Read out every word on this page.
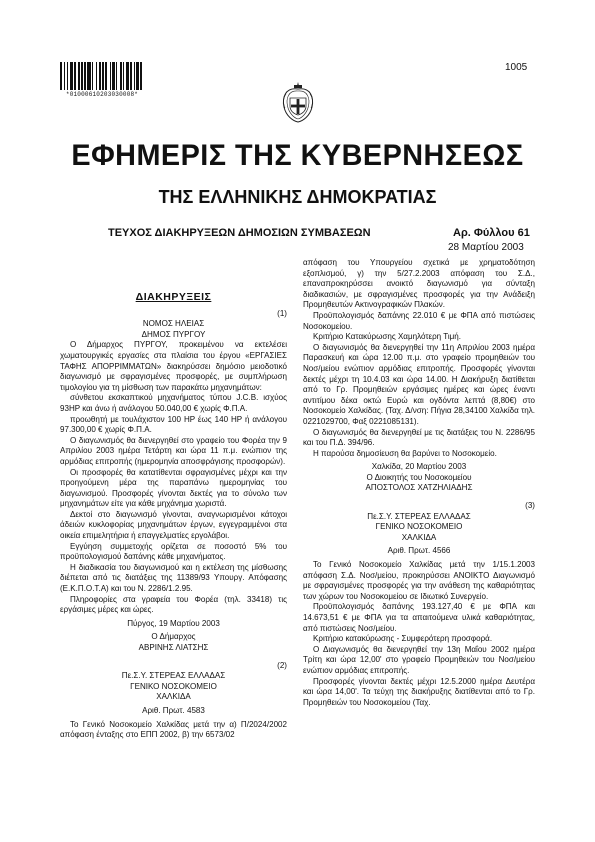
*01000610203030008*
1005
ΕΦΗΜΕΡΙΣ ΤΗΣ ΚΥΒΕΡΝΗΣΕΩΣ
ΤΗΣ ΕΛΛΗΝΙΚΗΣ ΔΗΜΟΚΡΑΤΙΑΣ
ΤΕΥΧΟΣ ΔΙΑΚΗΡΥΞΕΩΝ ΔΗΜΟΣΙΩΝ ΣΥΜΒΑΣΕΩΝ	Αρ. Φύλλου 61
28 Μαρτίου 2003
ΔΙΑΚΗΡΥΞΕΙΣ

(1)

ΝΟΜΟΣ ΗΛΕΙΑΣ

ΔΗΜΟΣ ΠΥΡΓΟΥ

Ο Δήμαρχος ΠΥΡΓΟΥ, προκειμένου να εκτελέσει χωματουργικές εργασίες στα πλαίσια του έργου «ΕΡΓΑΣΙΕΣ ΤΑΦΗΣ ΑΠΟΡΡΙΜΜΑΤΩΝ» διακηρύσσει δημόσιο μειοδοτικό διαγωνισμό με σφραγισμένες προσφορές, με συμπλήρωση τιμολογίου για τη μίσθωση των παρακάτω μηχανημάτων:

σύνθετου εκσκαπτικού μηχανήματος τύπου J.C.B. ισχύος 93HP και άνω ή ανάλογου 50.040,00 € χωρίς Φ.Π.Α.

προωθητή με τουλάχιστον 100 HP έως 140 HP ή ανάλογου 97.300,00 € χωρίς Φ.Π.Α.

Ο διαγωνισμός θα διενεργηθεί στο γραφείο του Φορέα την 9 Απριλίου 2003 ημέρα Τετάρτη και ώρα 11 π.μ. ενώπιον της αρμόδιας επιτροπής (ημερομηνία αποσφράγισης προσφορών).

Οι προσφορές θα κατατίθενται σφραγισμένες μέχρι και την προηγούμενη μέρα της παραπάνω ημερομηνίας του διαγωνισμού. Προσφορές γίνονται δεκτές για το σύνολο των μηχανημάτων είτε για κάθε μηχάνημα χωριστά.

Δεκτοί στο διαγωνισμό γίνονται, αναγνωρισμένοι κάτοχοι άδειών κυκλοφορίας μηχανημάτων έργων, εγγεγραμμένοι στα οικεία επιμελητήρια ή επαγγελματίες εργολάβοι.

Εγγύηση συμμετοχής ορίζεται σε ποσοστό 5% του προϋπολογισμού δαπάνης κάθε μηχανήματος.

Η διαδικασία του διαγωνισμού και η εκτέλεση της μίσθωσης διέπεται από τις διατάξεις της 11389/93 Υπουργ. Απόφασης (Ε.Κ.Π.Ο.Τ.Α) και του Ν. 2286/1.2.95.

Πληροφορίες στα γραφεία του Φορέα (τηλ. 33418) τις εργάσιμες μέρες και ώρες.

Πύργος, 19 Μαρτίου 2003

Ο Δήμαρχος

ΑΒΡΙΝΗΣ ΛΙΑΤΣΗΣ

(2)

Πε.Σ.Υ. ΣΤΕΡΕΑΣ ΕΛΛΑΔΑΣ

ΓΕΝΙΚΟ ΝΟΣΟΚΟΜΕΙΟ

ΧΑΛΚΙΔΑ

Αριθ. Πρωτ. 4583

Το Γενικό Νοσοκομείο Χαλκίδας μετά την α) Π/2024/2002 απόφαση ένταξης στο ΕΠΠ 2002, β) την 6573/02

απόφαση του Υπουργείου σχετικά με χρηματοδότηση εξοπλισμού, γ) την 5/27.2.2003 απόφαση του Σ.Δ., επαναπροκηρύσσει ανοικτό διαγωνισμό για σύνταξη διαδικασιών, με σφραγισμένες προσφορές για την Ανάδειξη Προμηθευτών Ακτινογραφικών Πλακών.

Προϋπολογισμός δαπάνης 22.010 € με ΦΠΑ από πιστώσεις Νοσοκομείου.

Κριτήριο Κατακύρωσης Χαμηλότερη Τιμή.

Ο διαγωνισμός θα διενεργηθεί την 11η Απριλίου 2003 ημέρα Παρασκευή και ώρα 12.00 π.μ. στο γραφείο προμηθειών του Νοσ/μείου ενώπιον αρμόδιας επιτροπής. Προσφορές γίνονται δεκτές μέχρι τη 10.4.03 και ώρα 14.00. Η Διακήρυξη διατίθεται από το Γρ. Προμηθειών εργάσιμες ημέρες και ώρες έναντι αντιτίμου δέκα οκτώ Ευρώ και ογδόντα λεπτά (8,80€) στο Νοσοκομείο Χαλκίδας. (Ταχ. Δ/νση: Πήγια 28,34100 Χαλκίδα τηλ. 0221029700, Φαξ 0221085131).

Ο διαγωνισμός θα διενεργηθεί με τις διατάξεις του Ν. 2286/95 και του Π.Δ. 394/96.

Η παρούσα δημοσίευση θα βαρύνει το Νοσοκομείο.

Χαλκίδα, 20 Μαρτίου 2003

Ο Διοικητής του Νοσοκομείου

ΑΠΟΣΤΟΛΟΣ ΧΑΤΖΗΛΙΑΔΗΣ

(3)

Πε.Σ.Υ. ΣΤΕΡΕΑΣ ΕΛΛΑΔΑΣ

ΓΕΝΙΚΟ ΝΟΣΟΚΟΜΕΙΟ

ΧΑΛΚΙΔΑ

Αριθ. Πρωτ. 4566

Το Γενικό Νοσοκομείο Χαλκίδας μετά την 1/15.1.2003 απόφαση Σ.Δ. Νοσ/μείου, προκηρύσσει ΑΝΟΙΚΤΟ Διαγωνισμό με σφραγισμένες προσφορές για την ανάθεση της καθαριότητας των χώρων του Νοσοκομείου σε Ιδιωτικό Συνεργείο.

Προϋπολογισμός δαπάνης 193.127,40 € με ΦΠΑ και 14.673,51 € με ΦΠΑ για τα απαιτούμενα υλικά καθαριότητας, από πιστώσεις Νοσ/μείου.

Κριτήριο κατακύρωσης - Συμφερότερη προσφορά.

Ο Διαγωνισμός θα διενεργηθεί την 13η Μαΐου 2002 ημέρα Τρίτη και ώρα 12,00' στο γραφείο Προμηθειών του Νοσ/μείου ενώπιον αρμόδιας επιτροπής.

Προσφορές γίνονται δεκτές μέχρι 12.5.2000 ημέρα Δευτέρα και ώρα 14,00'. Τα τεύχη της διακήρυξης διατίθενται από το Γρ. Προμηθειών του Νοσοκομείου (Ταχ.
